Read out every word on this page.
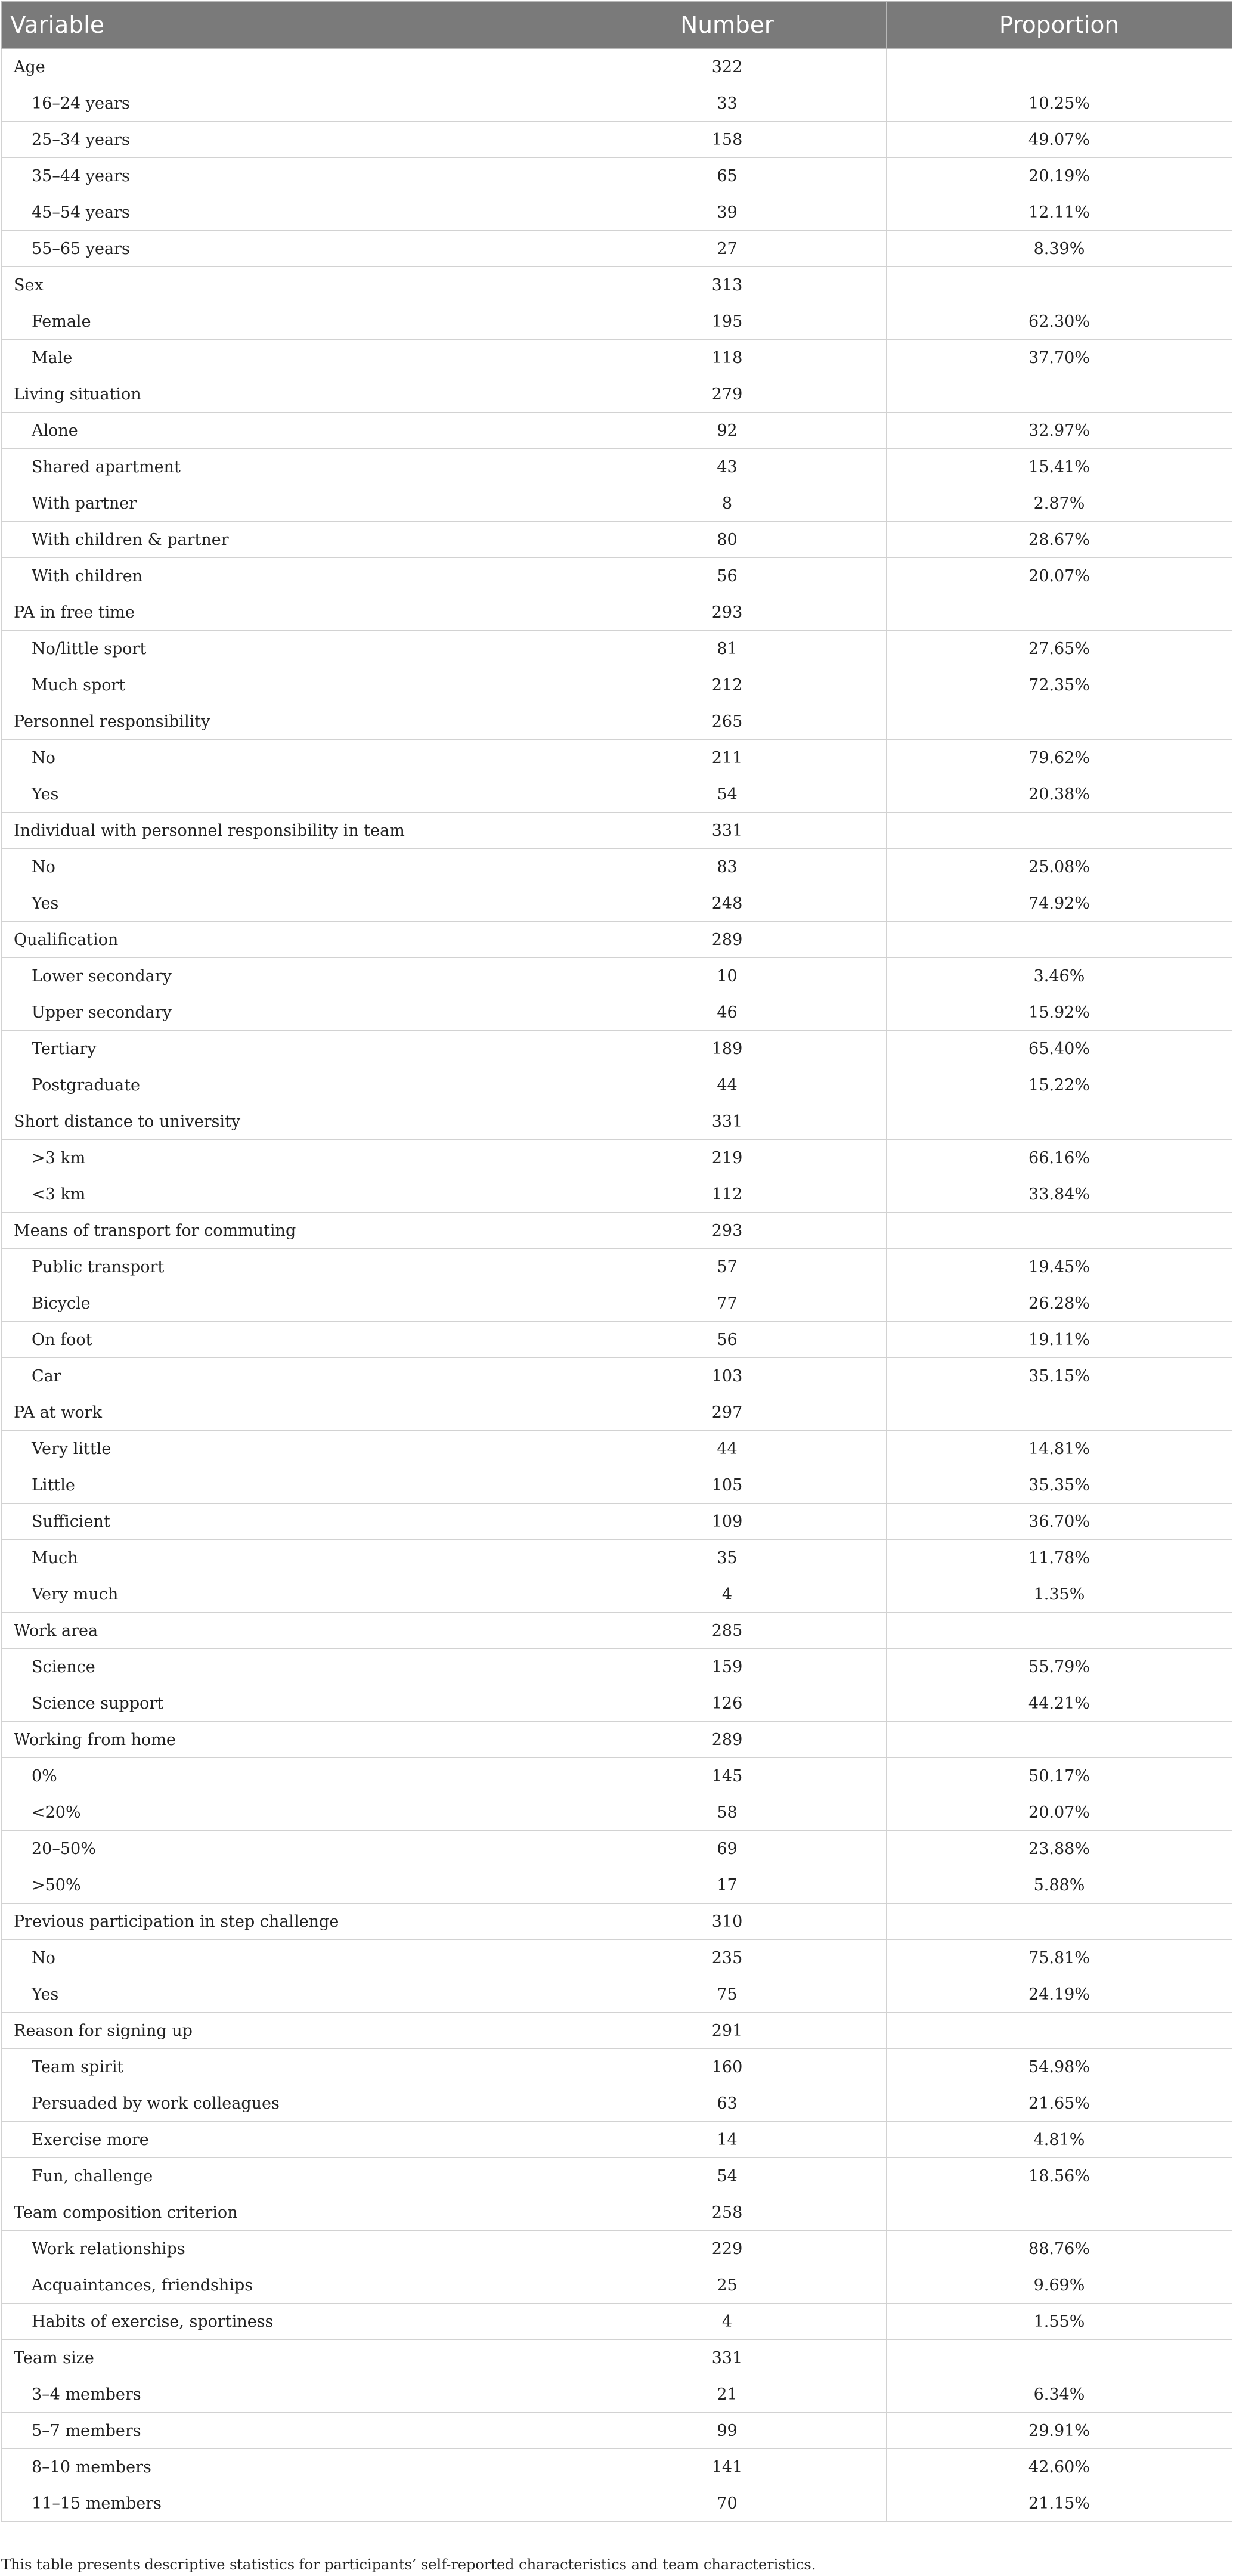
Variable	Number	Proportion
Age	322	
16–24 years	33	10.25%
25–34 years	158	49.07%
35–44 years	65	20.19%
45–54 years	39	12.11%
55–65 years	27	8.39%
Sex	313	
Female	195	62.30%
Male	118	37.70%
Living situation	279	
Alone	92	32.97%
Shared apartment	43	15.41%
With partner	8	2.87%
With children & partner	80	28.67%
With children	56	20.07%
PA in free time	293	
No/little sport	81	27.65%
Much sport	212	72.35%
Personnel responsibility	265	
No	211	79.62%
Yes	54	20.38%
Individual with personnel responsibility in team	331	
No	83	25.08%
Yes	248	74.92%
Qualification	289	
Lower secondary	10	3.46%
Upper secondary	46	15.92%
Tertiary	189	65.40%
Postgraduate	44	15.22%
Short distance to university	331	
>3 km	219	66.16%
<3 km	112	33.84%
Means of transport for commuting	293	
Public transport	57	19.45%
Bicycle	77	26.28%
On foot	56	19.11%
Car	103	35.15%
PA at work	297	
Very little	44	14.81%
Little	105	35.35%
Sufficient	109	36.70%
Much	35	11.78%
Very much	4	1.35%
Work area	285	
Science	159	55.79%
Science support	126	44.21%
Working from home	289	
0%	145	50.17%
<20%	58	20.07%
20–50%	69	23.88%
>50%	17	5.88%
Previous participation in step challenge	310	
No	235	75.81%
Yes	75	24.19%
Reason for signing up	291	
Team spirit	160	54.98%
Persuaded by work colleagues	63	21.65%
Exercise more	14	4.81%
Fun, challenge	54	18.56%
Team composition criterion	258	
Work relationships	229	88.76%
Acquaintances, friendships	25	9.69%
Habits of exercise, sportiness	4	1.55%
Team size	331	
3–4 members	21	6.34%
5–7 members	99	29.91%
8–10 members	141	42.60%
11–15 members	70	21.15%
This table presents descriptive statistics for participants’ self-reported characteristics and team characteristics.
